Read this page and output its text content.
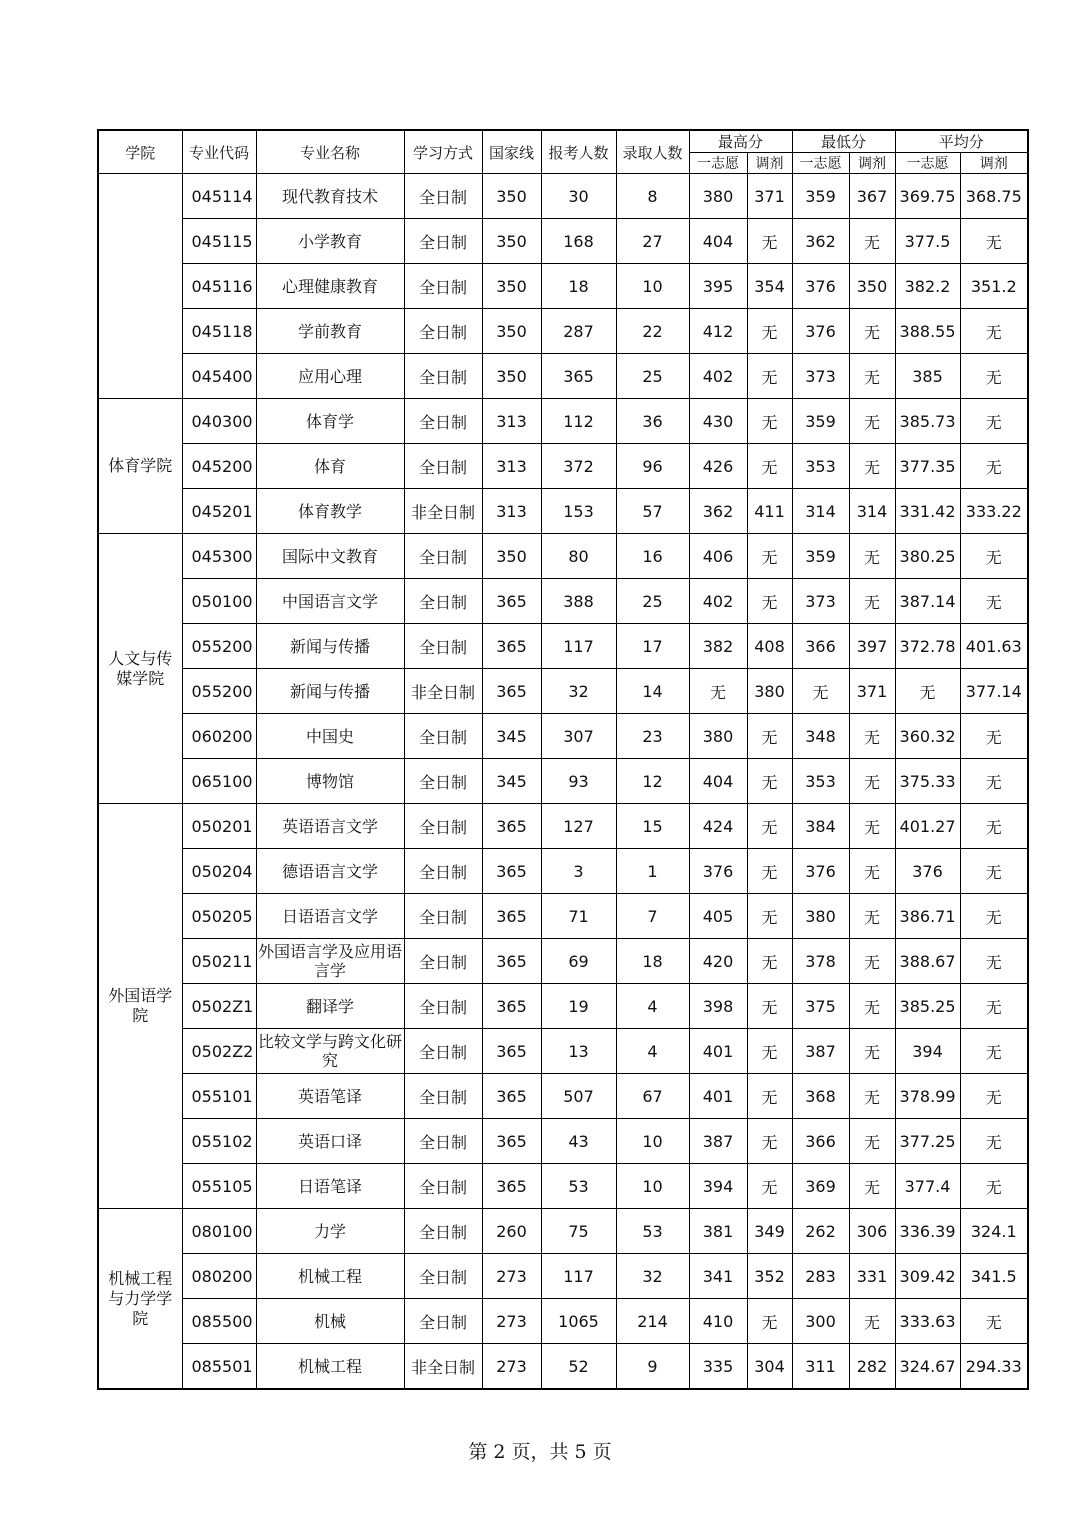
学院	专业代码	专业名称	学习方式	国家线	报考人数	录取人数	最高分		最低分		平均分	
							一志愿	调剂	一志愿	调剂	一志愿	调剂
	045114	现代教育技术	全日制	350	30	8	380	371	359	367	369.75	368.75
	045115	小学教育	全日制	350	168	27	404	无	362	无	377.5	无
	045116	心理健康教育	全日制	350	18	10	395	354	376	350	382.2	351.2
	045118	学前教育	全日制	350	287	22	412	无	376	无	388.55	无
	045400	应用心理	全日制	350	365	25	402	无	373	无	385	无
体育学院	040300	体育学	全日制	313	112	36	430	无	359	无	385.73	无
	045200	体育	全日制	313	372	96	426	无	353	无	377.35	无
	045201	体育教学	非全日制	313	153	57	362	411	314	314	331.42	333.22
人文与传媒学院	045300	国际中文教育	全日制	350	80	16	406	无	359	无	380.25	无
	050100	中国语言文学	全日制	365	388	25	402	无	373	无	387.14	无
	055200	新闻与传播	全日制	365	117	17	382	408	366	397	372.78	401.63
	055200	新闻与传播	非全日制	365	32	14	无	380	无	371	无	377.14
	060200	中国史	全日制	345	307	23	380	无	348	无	360.32	无
	065100	博物馆	全日制	345	93	12	404	无	353	无	375.33	无
外国语学院	050201	英语语言文学	全日制	365	127	15	424	无	384	无	401.27	无
	050204	德语语言文学	全日制	365	3	1	376	无	376	无	376	无
	050205	日语语言文学	全日制	365	71	7	405	无	380	无	386.71	无
	050211	外国语言学及应用语言学	全日制	365	69	18	420	无	378	无	388.67	无
	0502Z1	翻译学	全日制	365	19	4	398	无	375	无	385.25	无
	0502Z2	比较文学与跨文化研究	全日制	365	13	4	401	无	387	无	394	无
	055101	英语笔译	全日制	365	507	67	401	无	368	无	378.99	无
	055102	英语口译	全日制	365	43	10	387	无	366	无	377.25	无
	055105	日语笔译	全日制	365	53	10	394	无	369	无	377.4	无
机械工程与力学学院	080100	力学	全日制	260	75	53	381	349	262	306	336.39	324.1
	080200	机械工程	全日制	273	117	32	341	352	283	331	309.42	341.5
	085500	机械	全日制	273	1065	214	410	无	300	无	333.63	无
	085501	机械工程	非全日制	273	52	9	335	304	311	282	324.67	294.33
第 2 页，共 5 页
